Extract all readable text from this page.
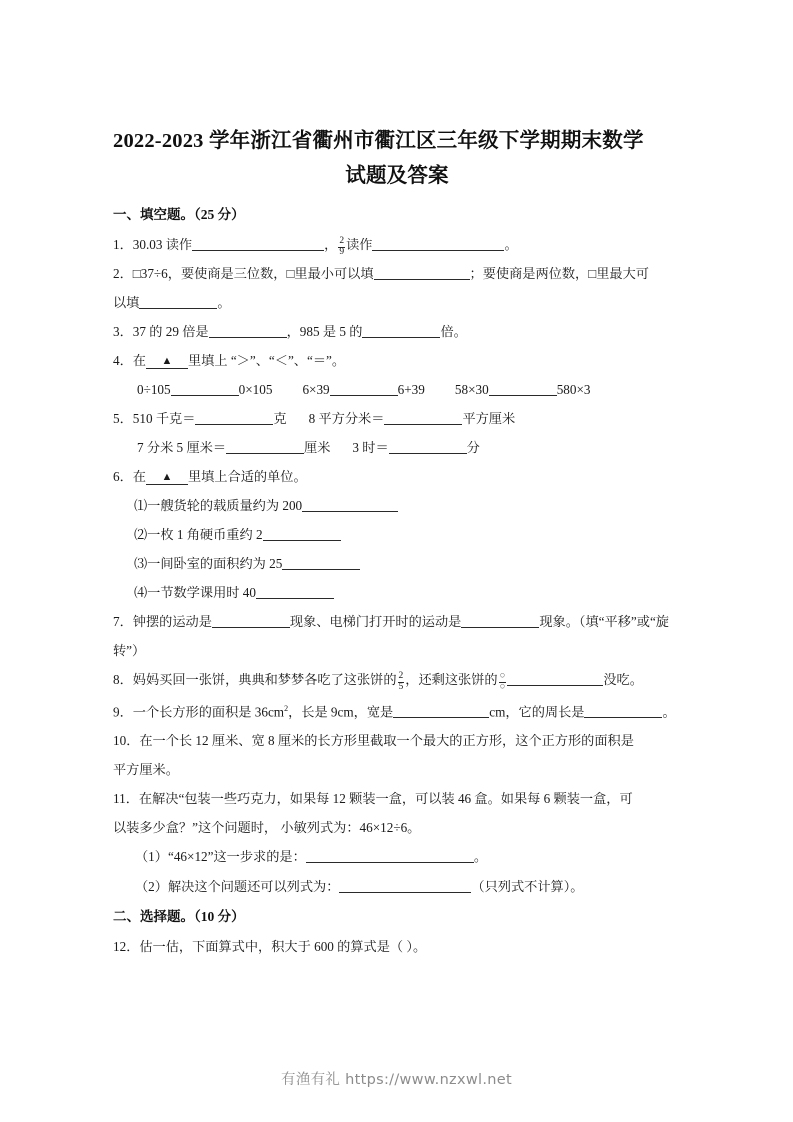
2022-2023 学年浙江省衢州市衢江区三年级下学期期末数学
试题及答案
一、填空题。（25 分）

1．30.03 读作	， $\frac{2}{9}$ 读作	。

2．□37÷6，要使商是三位数，□里最小可以填	；要使商是两位数，□里最大可

以填	。

3．37 的 29 倍是	，985 是 5 的	倍。

4．在 ▲ 里填上 “＞”、“＜”、“＝”。

0÷105	0×105 6×39	6+39 58×30	580×3

5．510 千克＝	克 8 平方分米＝	平方厘米

7 分米 5 厘米＝	厘米 3 时＝	分

6．在 ▲ 里填上合适的单位。

⑴一艘货轮的载质量约为 200

⑵一枚 1 角硬币重约 2

⑶一间卧室的面积约为 25

⑷一节数学课用时 40

7．钟摆的运动是	现象、电梯门打开时的运动是	现象。（填“平移”或“旋

转”）

8．妈妈买回一张饼，典典和梦梦各吃了这张饼的 $\frac{2}{5}$ ，还剩这张饼的 $\frac{○}{○}$	没吃。

9．一个长方形的面积是 $36cm^2$，长是 9cm，宽是	cm，它的周长是	。

10．在一个长 12 厘米、宽 8 厘米的长方形里截取一个最大的正方形，这个正方形的面积是

平方厘米。

11．在解决“包装一些巧克力，如果每 12 颗装一盒，可以装 46 盒。如果每 6 颗装一盒，可

以装多少盒？”这个问题时， 小敏列式为：46×12÷6。

（1）“46×12”这一步求的是：	。

（2）解决这个问题还可以列式为：	（只列式不计算）。

二、选择题。（10 分）

12．估一估，下面算式中，积大于 600 的算式是（ ）。

有渔有礼 https://www.nzxwl.net
